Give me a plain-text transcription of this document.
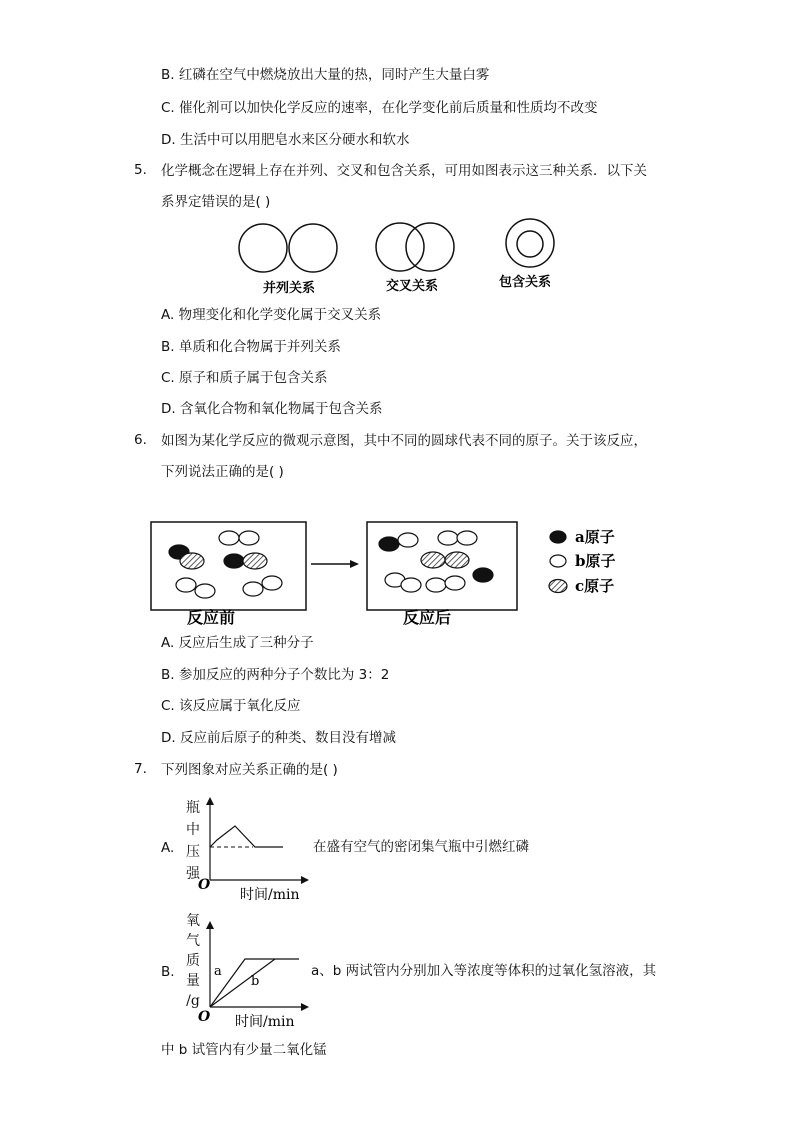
B. 红磷在空气中燃烧放出大量的热，同时产生大量白雾
C. 催化剂可以加快化学反应的速率，在化学变化前后质量和性质均不改变
D. 生活中可以用肥皂水来区分硬水和软水
5. 化学概念在逻辑上存在并列、交叉和包含关系，可用如图表示这三种关系．以下关
系界定错误的是( )
并列关系	交叉关系	包含关系
A. 物理变化和化学变化属于交叉关系
B. 单质和化合物属于并列关系
C. 原子和质子属于包含关系
D. 含氧化合物和氧化物属于包含关系
6. 如图为某化学反应的微观示意图，其中不同的圆球代表不同的原子。关于该反应，
下列说法正确的是( )
反应前	反应后
a原子
b原子
c原子
A. 反应后生成了三种分子
B. 参加反应的两种分子个数比为 3：2
C. 该反应属于氧化反应
D. 反应前后原子的种类、数目没有增减
7. 下列图象对应关系正确的是( )
A.
瓶
中
压
强
O
时间/min
在盛有空气的密闭集气瓶中引燃红磷
B.
氧
气
质
量
/g
a
b
O 时间/min
a、b 两试管内分别加入等浓度等体积的过氧化氢溶液，其
中 b 试管内有少量二氧化锰
